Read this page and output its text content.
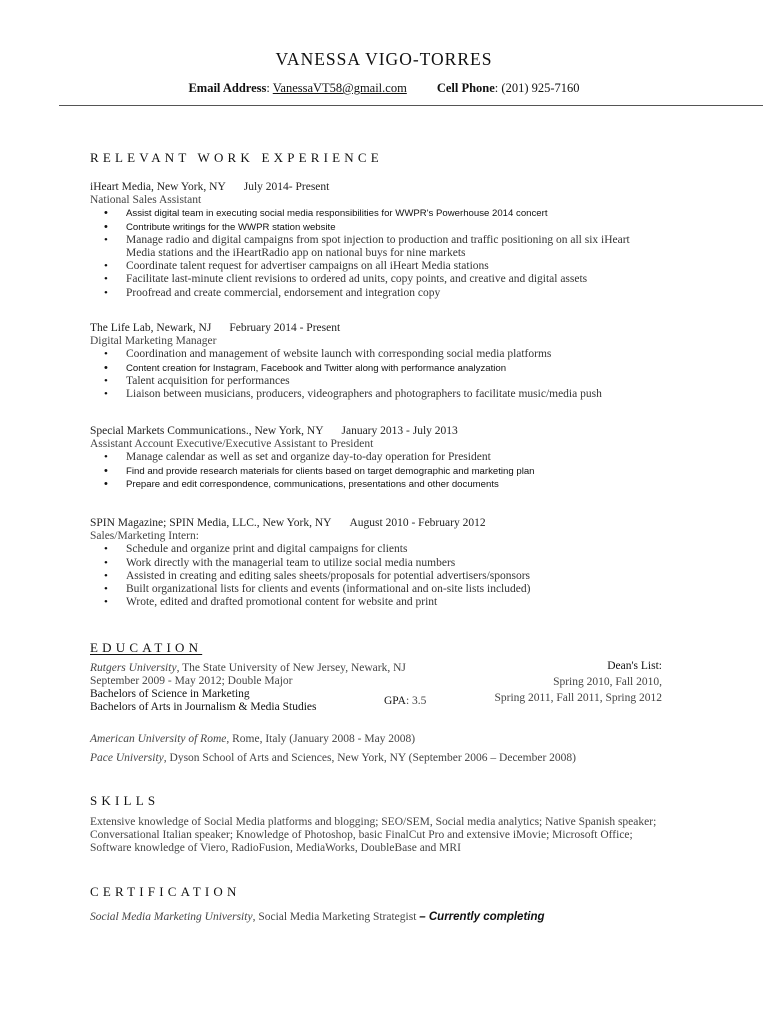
VANESSA VIGO-TORRES
Email Address: VanessaVT58@gmail.com Cell Phone: (201) 925-7160
RELEVANT WORK EXPERIENCE
iHeart Media, New York, NY July 2014- Present
National Sales Assistant
• Assist digital team in executing social media responsibilities for WWPR's Powerhouse 2014 concert
• Contribute writings for the WWPR station website
• Manage radio and digital campaigns from spot injection to production and traffic positioning on all six iHeart Media stations and the iHeartRadio app on national buys for nine markets
• Coordinate talent request for advertiser campaigns on all iHeart Media stations
• Facilitate last-minute client revisions to ordered ad units, copy points, and creative and digital assets
• Proofread and create commercial, endorsement and integration copy
The Life Lab, Newark, NJ February 2014 - Present
Digital Marketing Manager
• Coordination and management of website launch with corresponding social media platforms
• Content creation for Instagram, Facebook and Twitter along with performance analyzation
• Talent acquisition for performances
• Liaison between musicians, producers, videographers and photographers to facilitate music/media push
Special Markets Communications., New York, NY January 2013 - July 2013
Assistant Account Executive/Executive Assistant to President
• Manage calendar as well as set and organize day-to-day operation for President
• Find and provide research materials for clients based on target demographic and marketing plan
• Prepare and edit correspondence, communications, presentations and other documents
SPIN Magazine; SPIN Media, LLC., New York, NY August 2010 - February 2012
Sales/Marketing Intern:
• Schedule and organize print and digital campaigns for clients
• Work directly with the managerial team to utilize social media numbers
• Assisted in creating and editing sales sheets/proposals for potential advertisers/sponsors
• Built organizational lists for clients and events (informational and on-site lists included)
• Wrote, edited and drafted promotional content for website and print
EDUCATION
Rutgers University, The State University of New Jersey, Newark, NJ
September 2009 - May 2012; Double Major
Bachelors of Science in Marketing
Bachelors of Arts in Journalism & Media Studies	GPA: 3.5
Dean's List:
Spring 2010, Fall 2010,
Spring 2011, Fall 2011, Spring 2012
American University of Rome, Rome, Italy (January 2008 - May 2008)
Pace University, Dyson School of Arts and Sciences, New York, NY (September 2006 – December 2008)
SKILLS
Extensive knowledge of Social Media platforms and blogging; SEO/SEM, Social media analytics; Native Spanish speaker; Conversational Italian speaker; Knowledge of Photoshop, basic FinalCut Pro and extensive iMovie; Microsoft Office; Software knowledge of Viero, RadioFusion, MediaWorks, DoubleBase and MRI
CERTIFICATION
Social Media Marketing University, Social Media Marketing Strategist – Currently completing
